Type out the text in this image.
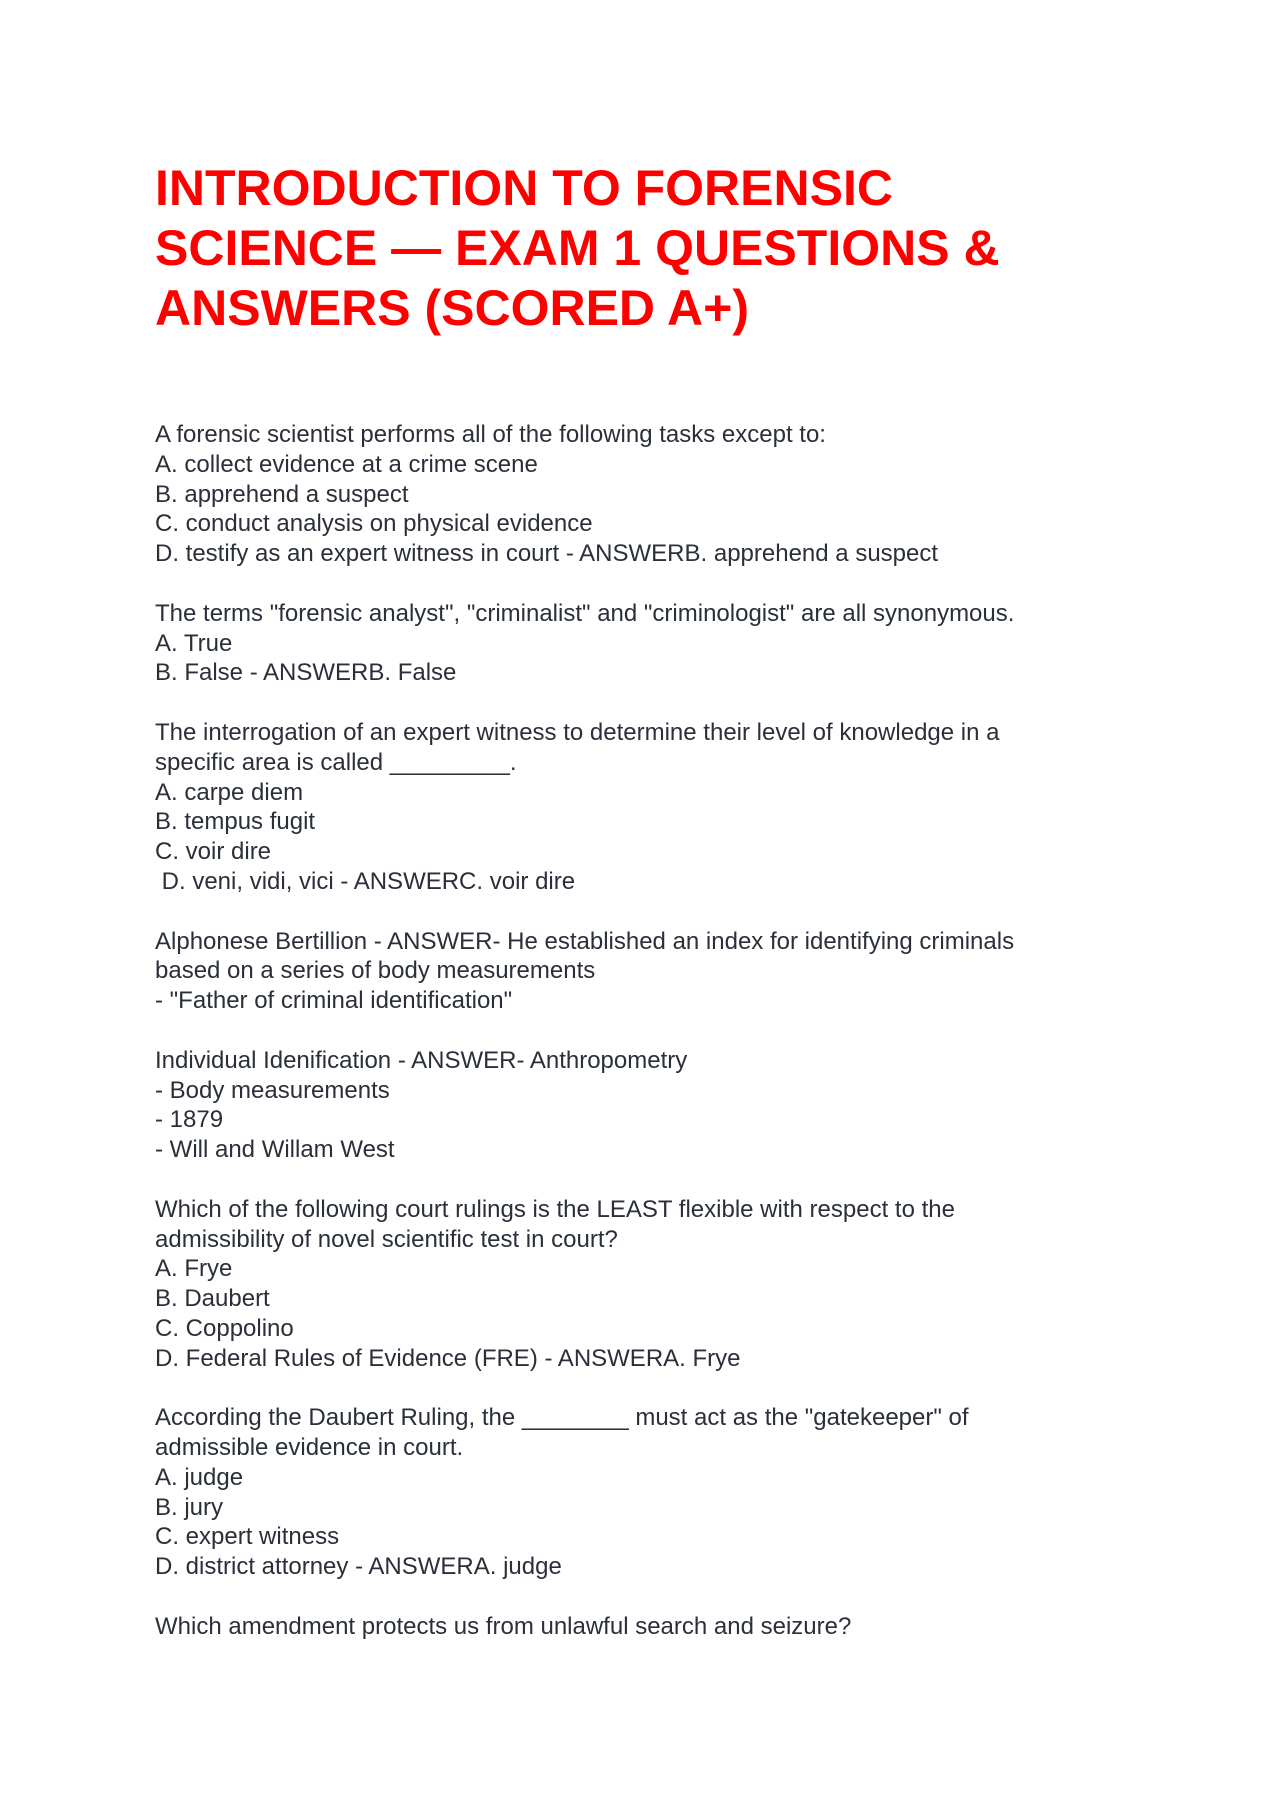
INTRODUCTION TO FORENSIC
SCIENCE — EXAM 1 QUESTIONS &
ANSWERS (SCORED A+)
A forensic scientist performs all of the following tasks except to:
A. collect evidence at a crime scene
B. apprehend a suspect
C. conduct analysis on physical evidence
D. testify as an expert witness in court - ANSWERB. apprehend a suspect
The terms "forensic analyst", "criminalist" and "criminologist" are all synonymous.
A. True
B. False - ANSWERB. False
The interrogation of an expert witness to determine their level of knowledge in a
specific area is called _________.
A. carpe diem
B. tempus fugit
C. voir dire
D. veni, vidi, vici - ANSWERC. voir dire
Alphonese Bertillion - ANSWER- He established an index for identifying criminals
based on a series of body measurements
- "Father of criminal identification"
Individual Idenification - ANSWER- Anthropometry
- Body measurements
- 1879
- Will and Willam West
Which of the following court rulings is the LEAST flexible with respect to the
admissibility of novel scientific test in court?
A. Frye
B. Daubert
C. Coppolino
D. Federal Rules of Evidence (FRE) - ANSWERA. Frye
According the Daubert Ruling, the ________ must act as the "gatekeeper" of
admissible evidence in court.
A. judge
B. jury
C. expert witness
D. district attorney - ANSWERA. judge
Which amendment protects us from unlawful search and seizure?
